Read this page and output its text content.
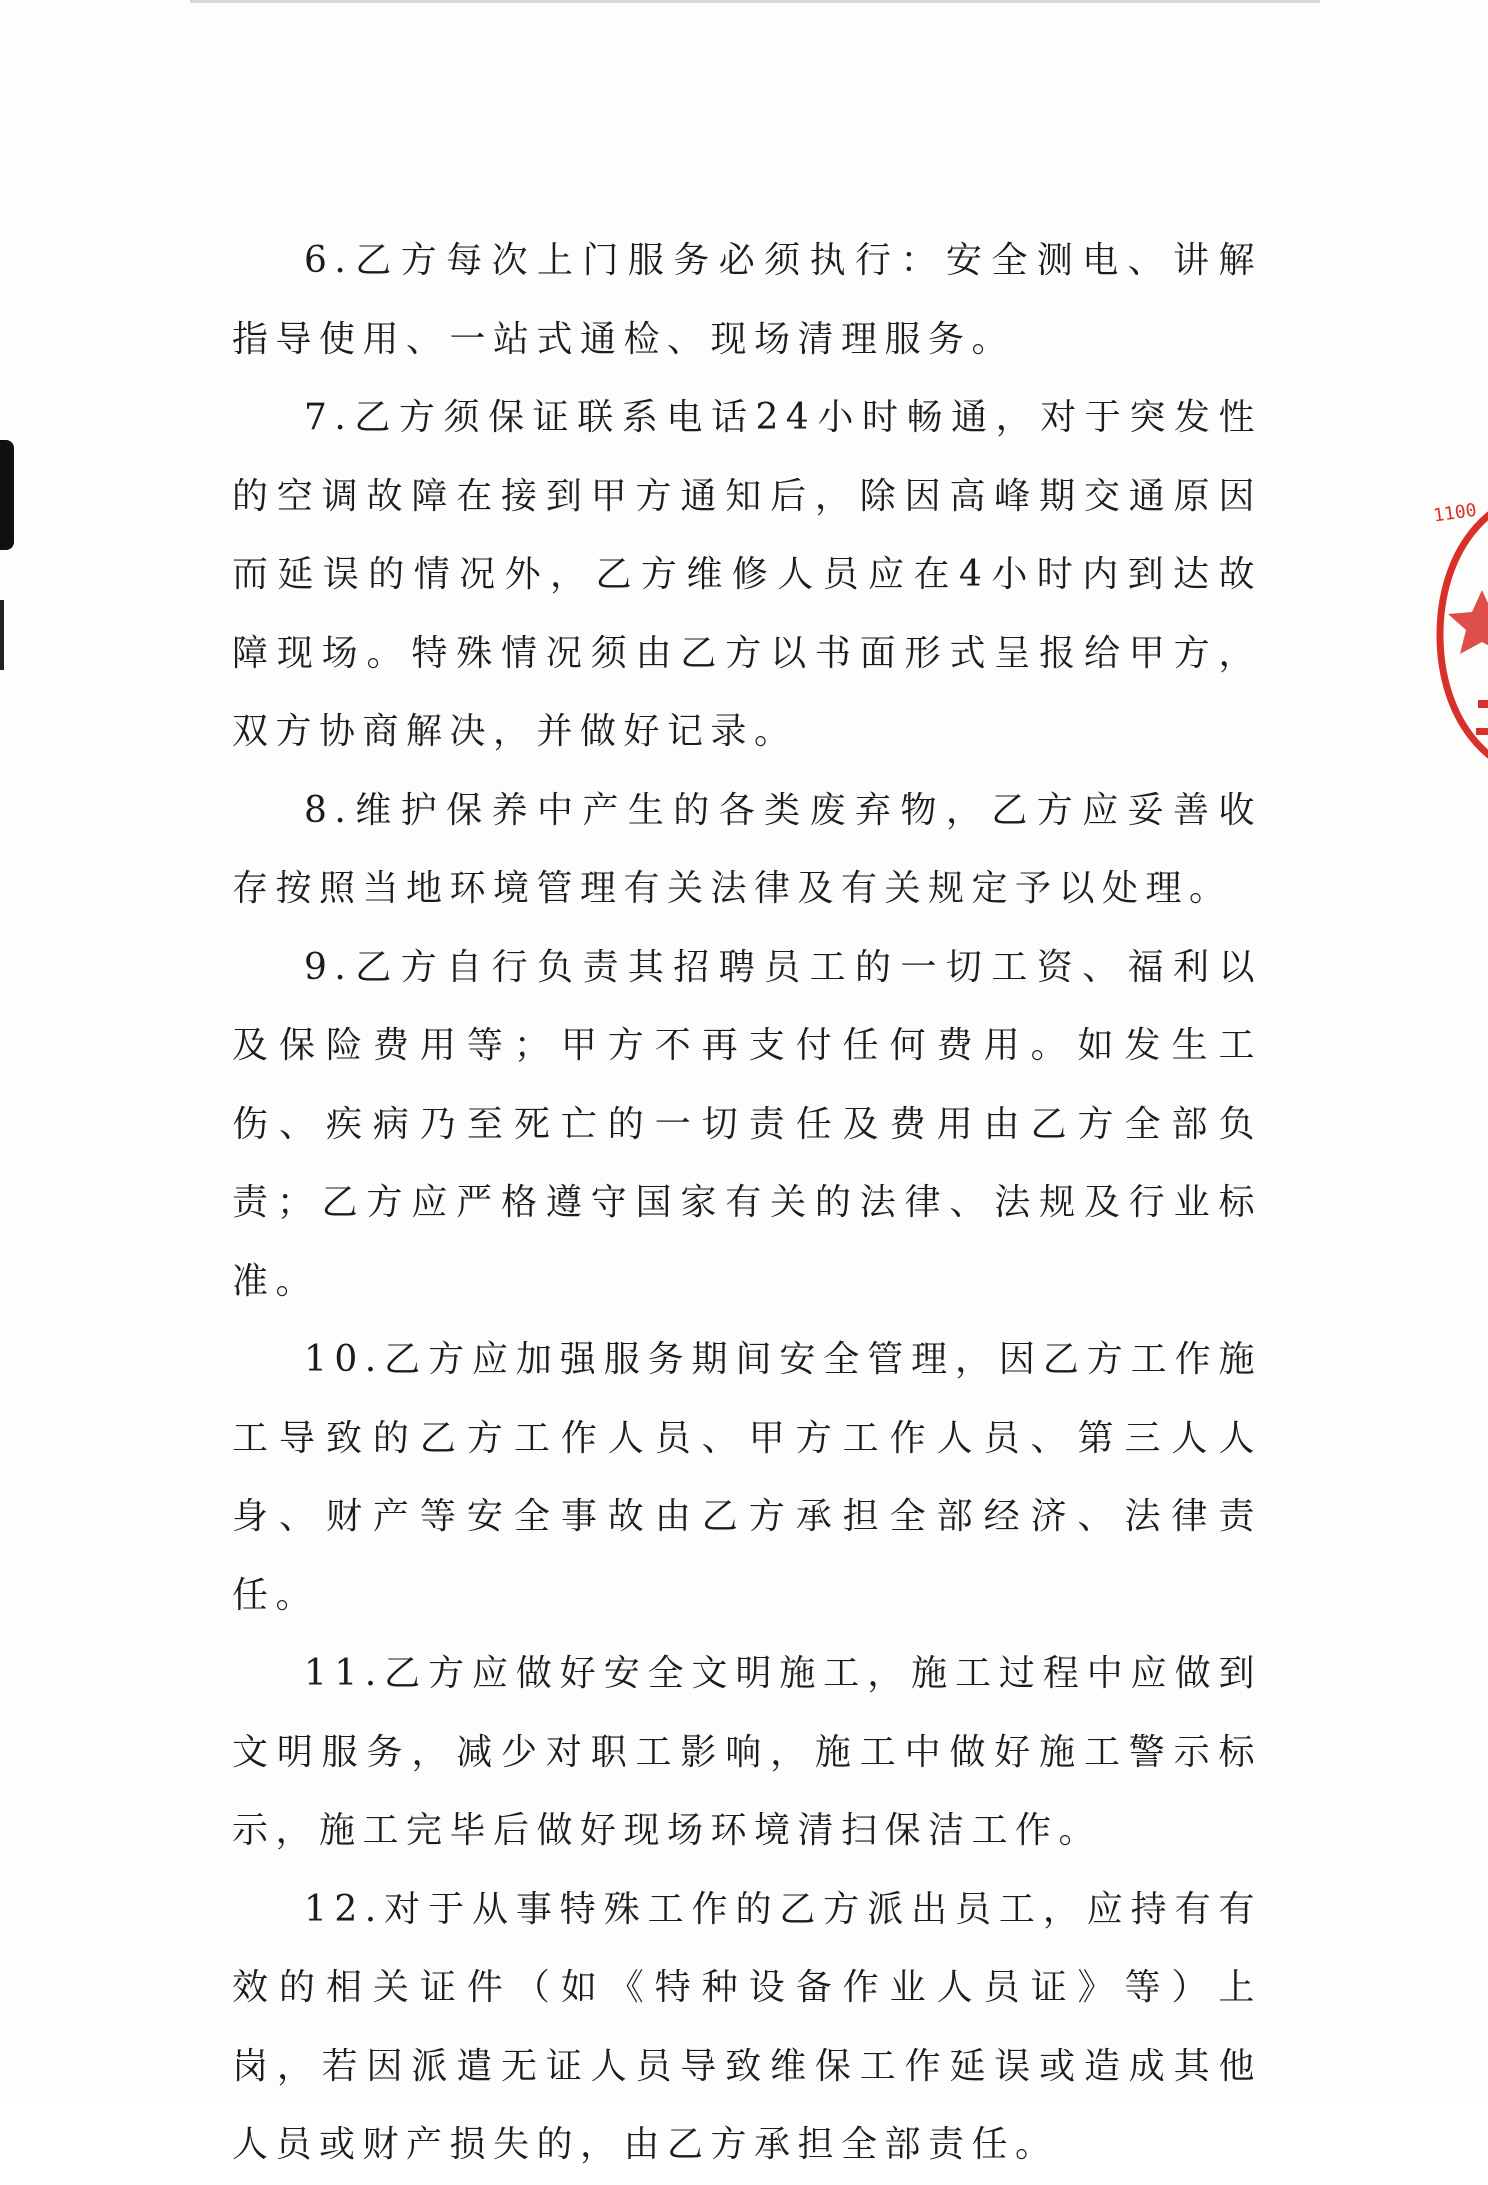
6.乙方每次上门服务必须执行：安全测电、讲解指导使用、一站式通检、现场清理服务。

7.乙方须保证联系电话24小时畅通，对于突发性的空调故障在接到甲方通知后，除因高峰期交通原因而延误的情况外，乙方维修人员应在4小时内到达故障现场。特殊情况须由乙方以书面形式呈报给甲方，双方协商解决，并做好记录。

8.维护保养中产生的各类废弃物，乙方应妥善收存按照当地环境管理有关法律及有关规定予以处理。

9.乙方自行负责其招聘员工的一切工资、福利以及保险费用等；甲方不再支付任何费用。如发生工伤、疾病乃至死亡的一切责任及费用由乙方全部负责；乙方应严格遵守国家有关的法律、法规及行业标准。

10.乙方应加强服务期间安全管理，因乙方工作施工导致的乙方工作人员、甲方工作人员、第三人人身、财产等安全事故由乙方承担全部经济、法律责任。

11.乙方应做好安全文明施工，施工过程中应做到文明服务，减少对职工影响，施工中做好施工警示标示，施工完毕后做好现场环境清扫保洁工作。

12.对于从事特殊工作的乙方派出员工，应持有有效的相关证件（如《特种设备作业人员证》等）上岗，若因派遣无证人员导致维保工作延误或造成其他人员或财产损失的，由乙方承担全部责任。

1100
